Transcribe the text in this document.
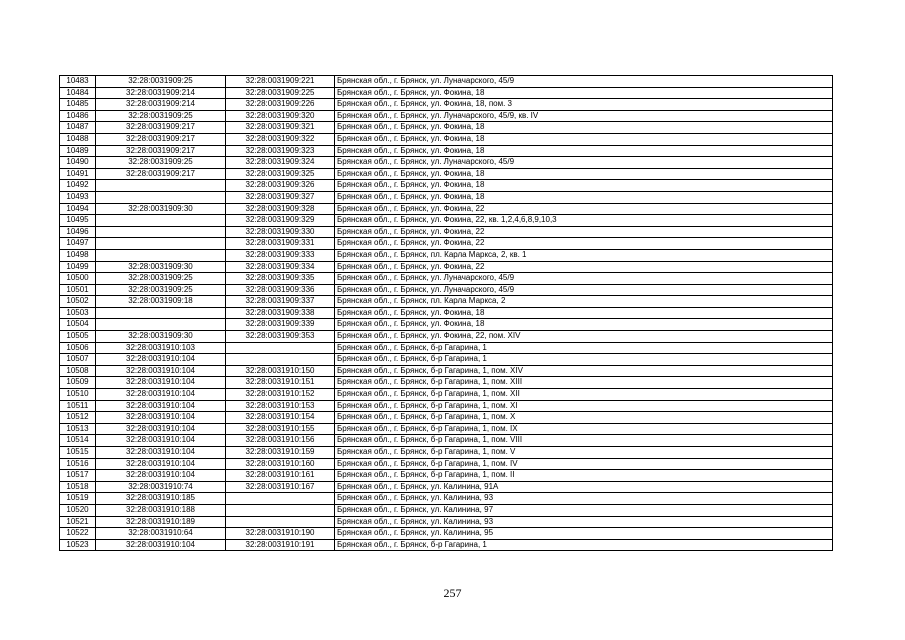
10483	32:28:0031909:25	32:28:0031909:221	Брянская обл., г. Брянск, ул. Луначарского, 45/9
10484	32:28:0031909:214	32:28:0031909:225	Брянская обл., г. Брянск, ул. Фокина, 18
10485	32:28:0031909:214	32:28:0031909:226	Брянская обл., г. Брянск, ул. Фокина, 18, пом. 3
10486	32:28:0031909:25	32:28:0031909:320	Брянская обл., г. Брянск, ул. Луначарского, 45/9, кв. IV
10487	32:28:0031909:217	32:28:0031909:321	Брянская обл., г. Брянск, ул. Фокина, 18
10488	32:28:0031909:217	32:28:0031909:322	Брянская обл., г. Брянск, ул. Фокина, 18
10489	32:28:0031909:217	32:28:0031909:323	Брянская обл., г. Брянск, ул. Фокина, 18
10490	32:28:0031909:25	32:28:0031909:324	Брянская обл., г. Брянск, ул. Луначарского, 45/9
10491	32:28:0031909:217	32:28:0031909:325	Брянская обл., г. Брянск, ул. Фокина, 18
10492		32:28:0031909:326	Брянская обл., г. Брянск, ул. Фокина, 18
10493		32:28:0031909:327	Брянская обл., г. Брянск, ул. Фокина, 18
10494	32:28:0031909:30	32:28:0031909:328	Брянская обл., г. Брянск, ул. Фокина, 22
10495		32:28:0031909:329	Брянская обл., г. Брянск, ул. Фокина, 22, кв. 1,2,4,6,8,9,10,3
10496		32:28:0031909:330	Брянская обл., г. Брянск, ул. Фокина, 22
10497		32:28:0031909:331	Брянская обл., г. Брянск, ул. Фокина, 22
10498		32:28:0031909:333	Брянская обл., г. Брянск, пл. Карла Маркса, 2, кв. 1
10499	32:28:0031909:30	32:28:0031909:334	Брянская обл., г. Брянск, ул. Фокина, 22
10500	32:28:0031909:25	32:28:0031909:335	Брянская обл., г. Брянск, ул. Луначарского, 45/9
10501	32:28:0031909:25	32:28:0031909:336	Брянская обл., г. Брянск, ул. Луначарского, 45/9
10502	32:28:0031909:18	32:28:0031909:337	Брянская обл., г. Брянск, пл. Карла Маркса, 2
10503		32:28:0031909:338	Брянская обл., г. Брянск, ул. Фокина, 18
10504		32:28:0031909:339	Брянская обл., г. Брянск, ул. Фокина, 18
10505	32:28:0031909:30	32:28:0031909:353	Брянская обл., г. Брянск, ул. Фокина, 22, пом. XIV
10506	32:28:0031910:103		Брянская обл., г. Брянск, б-р Гагарина, 1
10507	32:28:0031910:104		Брянская обл., г. Брянск, б-р Гагарина, 1
10508	32:28:0031910:104	32:28:0031910:150	Брянская обл., г. Брянск, б-р Гагарина, 1, пом. XIV
10509	32:28:0031910:104	32:28:0031910:151	Брянская обл., г. Брянск, б-р Гагарина, 1, пом. XIII
10510	32:28:0031910:104	32:28:0031910:152	Брянская обл., г. Брянск, б-р Гагарина, 1, пом. XII
10511	32:28:0031910:104	32:28:0031910:153	Брянская обл., г. Брянск, б-р Гагарина, 1, пом. XI
10512	32:28:0031910:104	32:28:0031910:154	Брянская обл., г. Брянск, б-р Гагарина, 1, пом. X
10513	32:28:0031910:104	32:28:0031910:155	Брянская обл., г. Брянск, б-р Гагарина, 1, пом. IX
10514	32:28:0031910:104	32:28:0031910:156	Брянская обл., г. Брянск, б-р Гагарина, 1, пом. VIII
10515	32:28:0031910:104	32:28:0031910:159	Брянская обл., г. Брянск, б-р Гагарина, 1, пом. V
10516	32:28:0031910:104	32:28:0031910:160	Брянская обл., г. Брянск, б-р Гагарина, 1, пом. IV
10517	32:28:0031910:104	32:28:0031910:161	Брянская обл., г. Брянск, б-р Гагарина, 1, пом. II
10518	32:28:0031910:74	32:28:0031910:167	Брянская обл., г. Брянск, ул. Калинина, 91А
10519	32:28:0031910:185		Брянская обл., г. Брянск, ул. Калинина, 93
10520	32:28:0031910:188		Брянская обл., г. Брянск, ул. Калинина, 97
10521	32:28:0031910:189		Брянская обл., г. Брянск, ул. Калинина, 93
10522	32:28:0031910:64	32:28:0031910:190	Брянская обл., г. Брянск, ул. Калинина, 95
10523	32:28:0031910:104	32:28:0031910:191	Брянская обл., г. Брянск, б-р Гагарина, 1
257
